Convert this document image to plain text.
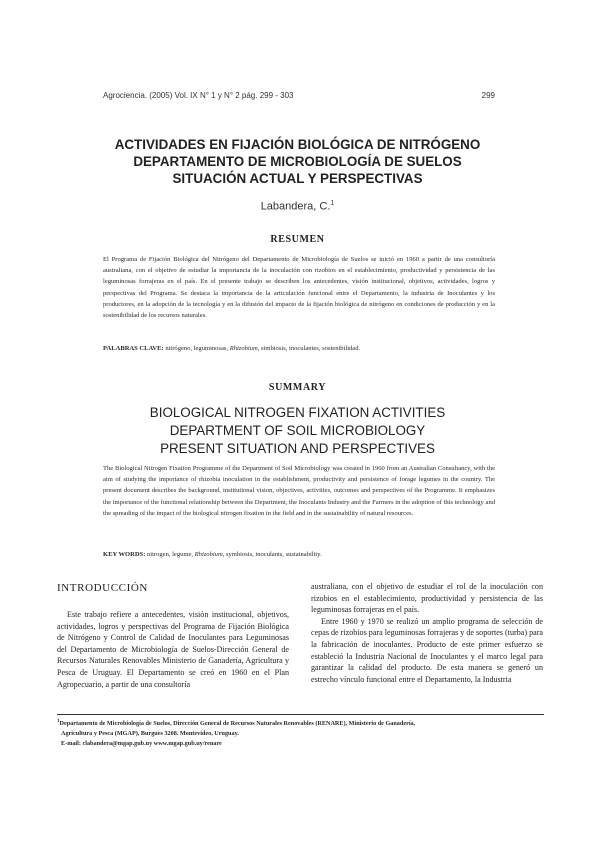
Agrociencia. (2005) Vol. IX N° 1 y N° 2 pág. 299 - 303	299
ACTIVIDADES EN FIJACIÓN BIOLÓGICA DE NITRÓGENO
DEPARTAMENTO DE MICROBIOLOGÍA DE SUELOS
SITUACIÓN ACTUAL Y PERSPECTIVAS
Labandera, C.$^1$
RESUMEN
El Programa de Fijación Biológica del Nitrógeno del Departamento de Microbiología de Suelos se inició en 1960 a partir de una consultoría australiana, con el objetivo de estudiar la importancia de la inoculación con rizobios en el establecimiento, productividad y persistencia de las leguminosas forrajeras en el país. En el presente trabajo se describen los antecedentes, visión institucional, objetivos, actividades, logros y perspectivas del Programa. Se destaca la importancia de la articulación funcional entre el Departamento, la industria de Inoculantes y los productores, en la adopción de la tecnología y en la difusión del impacto de la fijación biológica de nitrógeno en condiciones de producción y en la sostenibilidad de los recursos naturales.
PALABRAS CLAVE: nitrógeno, leguminosas, Rhizobium, simbiosis, inoculantes, sostenibilidad.
SUMMARY
BIOLOGICAL NITROGEN FIXATION ACTIVITIES
DEPARTMENT OF SOIL MICROBIOLOGY
PRESENT SITUATION AND PERSPECTIVES
The Biological Nitrogen Fixation Programme of the Department of Soil Microbiology was created in 1960 from an Australian Consultancy, with the aim of studying the importance of rhizobia inoculation in the establishment, productivity and persistence of forage legumes in the country. The present document describes the background, institutional vision, objectives, activities, outcomes and perspectives of the Programme. It emphasizes the importance of the functional relationship between the Department, the Inoculants Industry and the Farmers in the adoption of this technology and the spreading of the impact of the biological nitrogen fixation in the field and in the sustainability of natural resources.
KEY WORDS: nitrogen, legume, Rhizobium, symbiosis, inoculants, sustainability.
INTRODUCCIÓN

Este trabajo refiere a antecedentes, visión institucional, objetivos, actividades, logros y perspectivas del Programa de Fijación Biológica de Nitrógeno y Control de Calidad de Inoculantes para Leguminosas del Departamento de Microbiología de Suelos-Dirección General de Recursos Naturales Renovables Ministerio de Ganadería, Agricultura y Pesca de Uruguay. El Departamento se creó en 1960 en el Plan Agropecuario, a partir de una consultoría

australiana, con el objetivo de estudiar el rol de la inoculación con rizobios en el establecimiento, productividad y persistencia de las leguminosas forrajeras en el país.

Entre 1960 y 1970 se realizó un amplio programa de selección de cepas de rizobios para leguminosas forrajeras y de soportes (turba) para la fabricación de inoculantes. Producto de este primer esfuerzo se estableció la Industria Nacional de Inoculantes y el marco legal para garantizar la calidad del producto. De esta manera se generó un estrecho vínculo funcional entre el Departamento, la Industria

$^1$Departamento de Microbiología de Suelos, Dirección General de Recursos Naturales Renovables (RENARE), Ministerio de Ganadería,
Agricultura y Pesca (MGAP), Burgues 3208. Montevideo, Uruguay.
E-mail: clabandera@mgap.gub.uy www.mgap.gub.uy/renare
